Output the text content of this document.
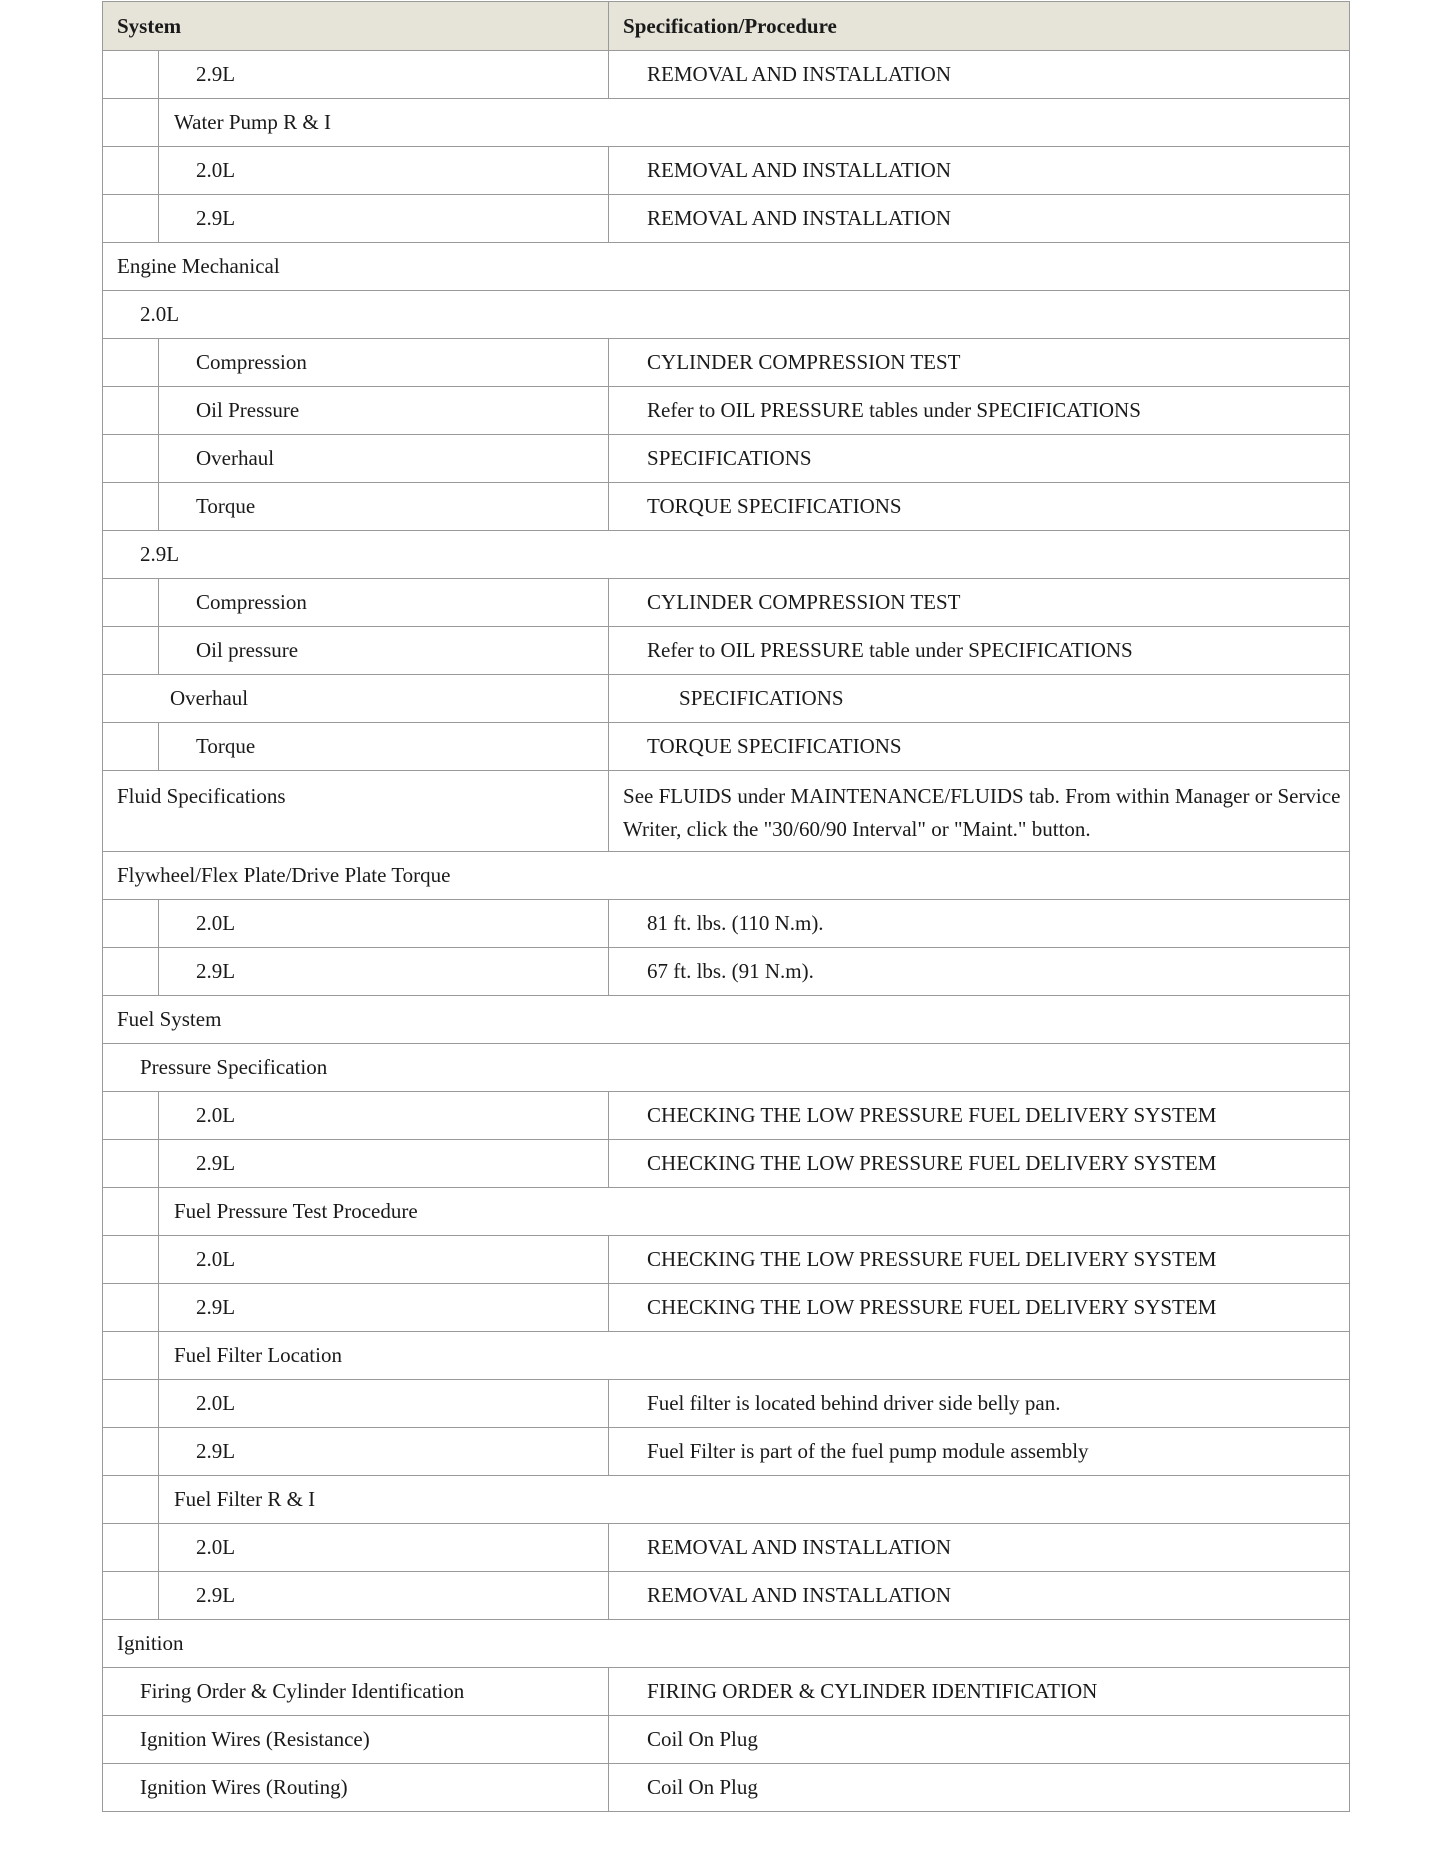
System		Specification/Procedure

	2.9L	REMOVAL AND INSTALLATION

	Water Pump R & I	

	2.0L	REMOVAL AND INSTALLATION

	2.9L	REMOVAL AND INSTALLATION

Engine Mechanical		

2.0L		

	Compression	CYLINDER COMPRESSION TEST

	Oil Pressure	Refer to OIL PRESSURE tables under SPECIFICATIONS

	Overhaul	SPECIFICATIONS

	Torque	TORQUE SPECIFICATIONS

2.9L		

	Compression	CYLINDER COMPRESSION TEST

	Oil pressure	Refer to OIL PRESSURE table under SPECIFICATIONS

Overhaul		SPECIFICATIONS

	Torque	TORQUE SPECIFICATIONS

Fluid Specifications		See FLUIDS under MAINTENANCE/FLUIDS tab. From within Manager or Service Writer, click the "30/60/90 Interval" or "Maint." button.

Flywheel/Flex Plate/Drive Plate Torque		

	2.0L	81 ft. lbs. (110 N.m).

	2.9L	67 ft. lbs. (91 N.m).

Fuel System		

Pressure Specification		

	2.0L	CHECKING THE LOW PRESSURE FUEL DELIVERY SYSTEM

	2.9L	CHECKING THE LOW PRESSURE FUEL DELIVERY SYSTEM

	Fuel Pressure Test Procedure	

	2.0L	CHECKING THE LOW PRESSURE FUEL DELIVERY SYSTEM

	2.9L	CHECKING THE LOW PRESSURE FUEL DELIVERY SYSTEM

	Fuel Filter Location	

	2.0L	Fuel filter is located behind driver side belly pan.

	2.9L	Fuel Filter is part of the fuel pump module assembly

	Fuel Filter R & I	

	2.0L	REMOVAL AND INSTALLATION

	2.9L	REMOVAL AND INSTALLATION

Ignition		

Firing Order & Cylinder Identification		FIRING ORDER & CYLINDER IDENTIFICATION

Ignition Wires (Resistance)		Coil On Plug

Ignition Wires (Routing)		Coil On Plug
